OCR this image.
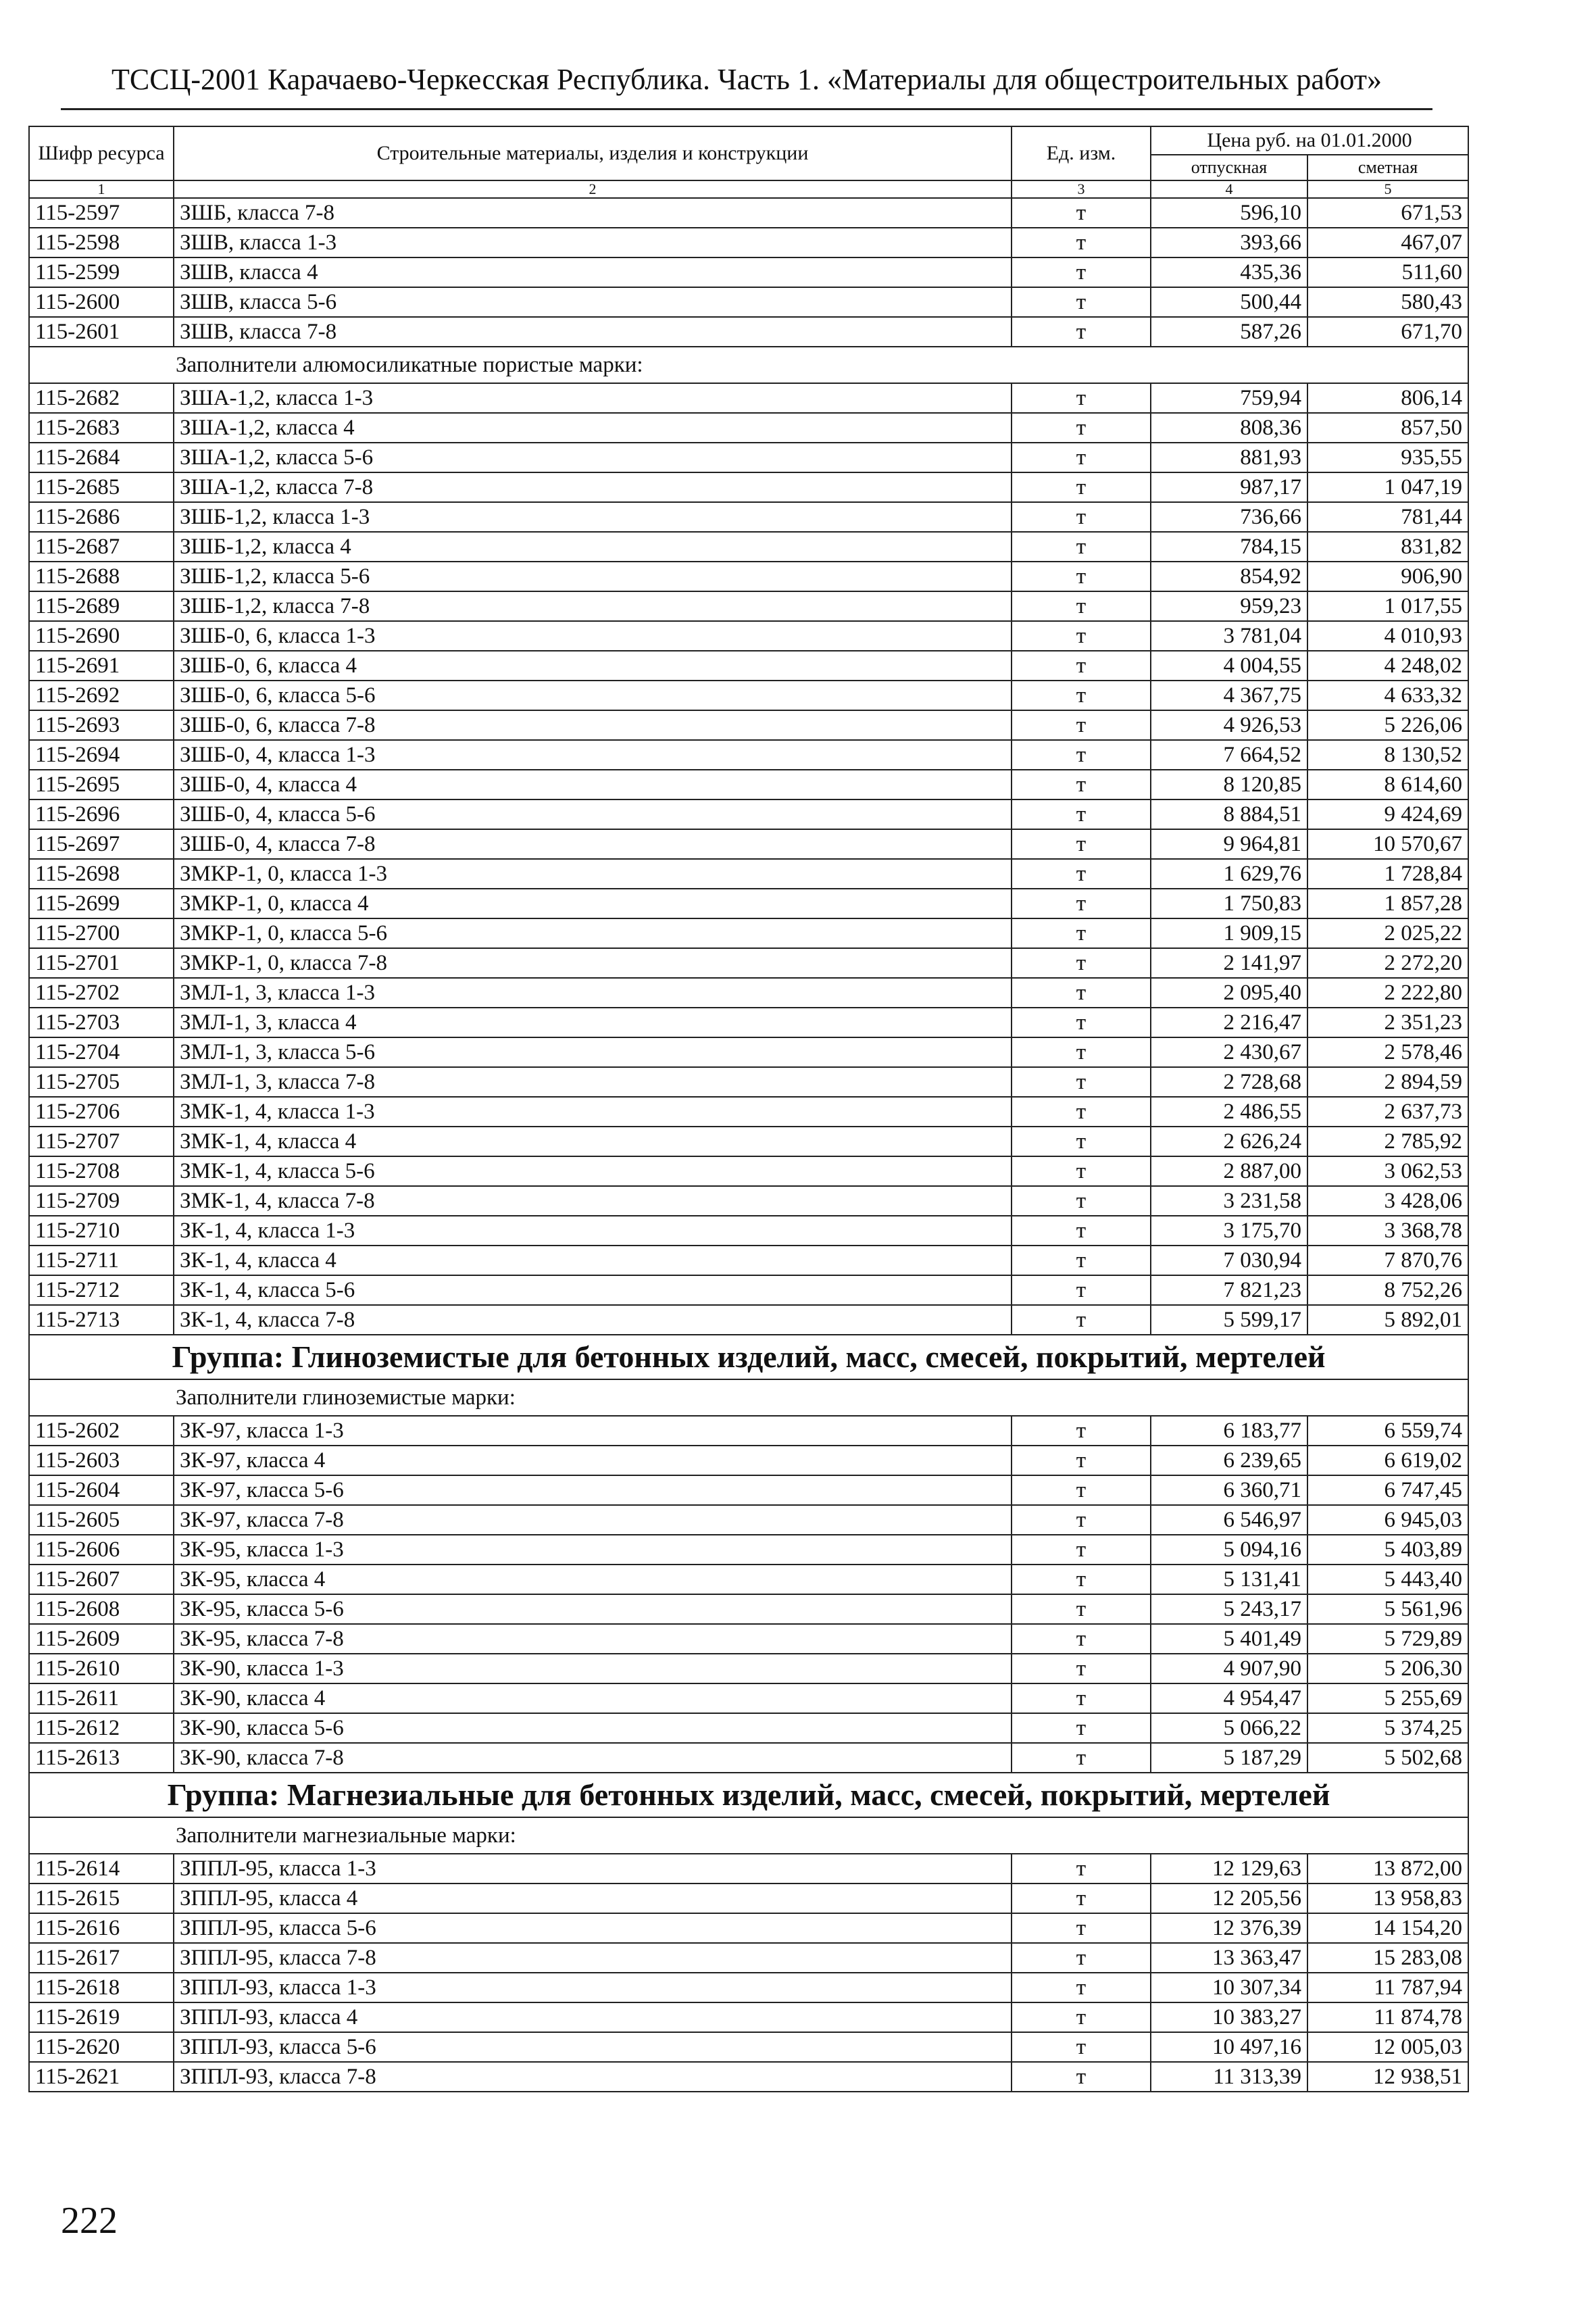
ТССЦ-2001 Карачаево-Черкесская Республика. Часть 1. «Материалы для общестроительных работ»
Шифр ресурса	Строительные материалы, изделия и конструкции	Ед. изм.	Цена руб. на 01.01.2000	
			отпускная	сметная
1	2	3	4	5
115-2597	ЗШБ, класса 7-8	т	596,10	671,53
115-2598	ЗШВ, класса 1-3	т	393,66	467,07
115-2599	ЗШВ, класса 4	т	435,36	511,60
115-2600	ЗШВ, класса 5-6	т	500,44	580,43
115-2601	ЗШВ, класса 7-8	т	587,26	671,70
Заполнители алюмосиликатные пористые марки:				
115-2682	ЗША-1,2, класса 1-3	т	759,94	806,14
115-2683	ЗША-1,2, класса 4	т	808,36	857,50
115-2684	ЗША-1,2, класса 5-6	т	881,93	935,55
115-2685	ЗША-1,2, класса 7-8	т	987,17	1 047,19
115-2686	ЗШБ-1,2, класса 1-3	т	736,66	781,44
115-2687	ЗШБ-1,2, класса 4	т	784,15	831,82
115-2688	ЗШБ-1,2, класса 5-6	т	854,92	906,90
115-2689	ЗШБ-1,2, класса 7-8	т	959,23	1 017,55
115-2690	ЗШБ-0, 6, класса 1-3	т	3 781,04	4 010,93
115-2691	ЗШБ-0, 6, класса 4	т	4 004,55	4 248,02
115-2692	ЗШБ-0, 6, класса 5-6	т	4 367,75	4 633,32
115-2693	ЗШБ-0, 6, класса 7-8	т	4 926,53	5 226,06
115-2694	ЗШБ-0, 4, класса 1-3	т	7 664,52	8 130,52
115-2695	ЗШБ-0, 4, класса 4	т	8 120,85	8 614,60
115-2696	ЗШБ-0, 4, класса 5-6	т	8 884,51	9 424,69
115-2697	ЗШБ-0, 4, класса 7-8	т	9 964,81	10 570,67
115-2698	ЗМКР-1, 0, класса 1-3	т	1 629,76	1 728,84
115-2699	ЗМКР-1, 0, класса 4	т	1 750,83	1 857,28
115-2700	ЗМКР-1, 0, класса 5-6	т	1 909,15	2 025,22
115-2701	ЗМКР-1, 0, класса 7-8	т	2 141,97	2 272,20
115-2702	ЗМЛ-1, 3, класса 1-3	т	2 095,40	2 222,80
115-2703	ЗМЛ-1, 3, класса 4	т	2 216,47	2 351,23
115-2704	ЗМЛ-1, 3, класса 5-6	т	2 430,67	2 578,46
115-2705	ЗМЛ-1, 3, класса 7-8	т	2 728,68	2 894,59
115-2706	ЗМК-1, 4, класса 1-3	т	2 486,55	2 637,73
115-2707	ЗМК-1, 4, класса 4	т	2 626,24	2 785,92
115-2708	ЗМК-1, 4, класса 5-6	т	2 887,00	3 062,53
115-2709	ЗМК-1, 4, класса 7-8	т	3 231,58	3 428,06
115-2710	ЗК-1, 4, класса 1-3	т	3 175,70	3 368,78
115-2711	ЗК-1, 4, класса 4	т	7 030,94	7 870,76
115-2712	ЗК-1, 4, класса 5-6	т	7 821,23	8 752,26
115-2713	ЗК-1, 4, класса 7-8	т	5 599,17	5 892,01
Группа: Глиноземистые для бетонных изделий, масс, смесей, покрытий, мертелей				
Заполнители глиноземистые марки:				
115-2602	ЗК-97, класса 1-3	т	6 183,77	6 559,74
115-2603	ЗК-97, класса 4	т	6 239,65	6 619,02
115-2604	ЗК-97, класса 5-6	т	6 360,71	6 747,45
115-2605	ЗК-97, класса 7-8	т	6 546,97	6 945,03
115-2606	ЗК-95, класса 1-3	т	5 094,16	5 403,89
115-2607	ЗК-95, класса 4	т	5 131,41	5 443,40
115-2608	ЗК-95, класса 5-6	т	5 243,17	5 561,96
115-2609	ЗК-95, класса 7-8	т	5 401,49	5 729,89
115-2610	ЗК-90, класса 1-3	т	4 907,90	5 206,30
115-2611	ЗК-90, класса 4	т	4 954,47	5 255,69
115-2612	ЗК-90, класса 5-6	т	5 066,22	5 374,25
115-2613	ЗК-90, класса 7-8	т	5 187,29	5 502,68
Группа: Магнезиальные для бетонных изделий, масс, смесей, покрытий, мертелей				
Заполнители магнезиальные марки:				
115-2614	ЗППЛ-95, класса 1-3	т	12 129,63	13 872,00
115-2615	ЗППЛ-95, класса 4	т	12 205,56	13 958,83
115-2616	ЗППЛ-95, класса 5-6	т	12 376,39	14 154,20
115-2617	ЗППЛ-95, класса 7-8	т	13 363,47	15 283,08
115-2618	ЗППЛ-93, класса 1-3	т	10 307,34	11 787,94
115-2619	ЗППЛ-93, класса 4	т	10 383,27	11 874,78
115-2620	ЗППЛ-93, класса 5-6	т	10 497,16	12 005,03
115-2621	ЗППЛ-93, класса 7-8	т	11 313,39	12 938,51
222
